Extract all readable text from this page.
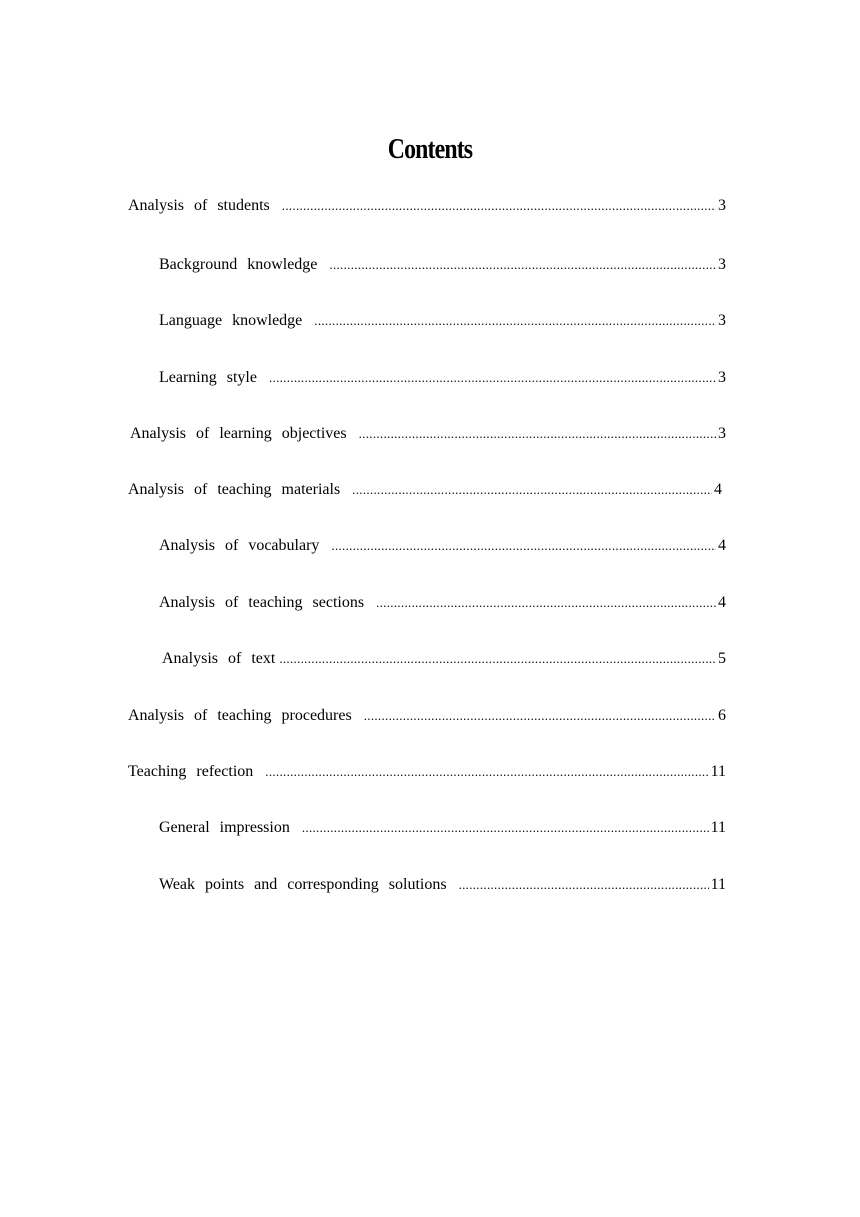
Contents
Analysis of students .....	3
Background knowledge .....	3
Language knowledge .....	3
Learning style .....	3
Analysis of learning objectives .....	3
Analysis of teaching materials .....	4
Analysis of vocabulary .....	4
Analysis of teaching sections .....	4
Analysis of text .....	5
Analysis of teaching procedures .....	6
Teaching refection .....	11
General impression .....	11
Weak points and corresponding solutions .....	11
